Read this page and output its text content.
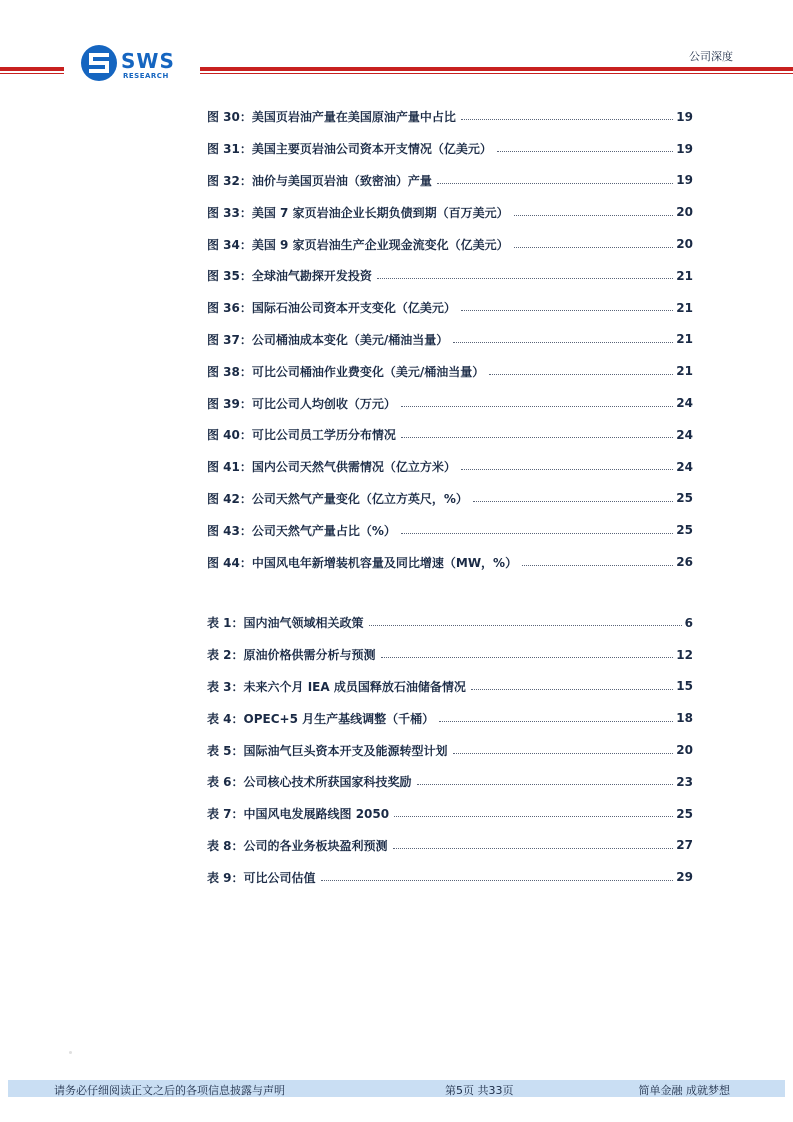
SWS
RESEARCH
公司深度
图 30：美国页岩油产量在美国原油产量中占比	19
图 31：美国主要页岩油公司资本开支情况（亿美元）	19
图 32：油价与美国页岩油（致密油）产量	19
图 33：美国 7 家页岩油企业长期负债到期（百万美元）	20
图 34：美国 9 家页岩油生产企业现金流变化（亿美元）	20
图 35：全球油气勘探开发投资	21
图 36：国际石油公司资本开支变化（亿美元）	21
图 37：公司桶油成本变化（美元/桶油当量）	21
图 38：可比公司桶油作业费变化（美元/桶油当量）	21
图 39：可比公司人均创收（万元）	24
图 40：可比公司员工学历分布情况	24
图 41：国内公司天然气供需情况（亿立方米）	24
图 42：公司天然气产量变化（亿立方英尺，%）	25
图 43：公司天然气产量占比（%）	25
图 44：中国风电年新增装机容量及同比增速（MW，%）	26
表 1：国内油气领域相关政策	6
表 2：原油价格供需分析与预测	12
表 3：未来六个月 IEA 成员国释放石油储备情况	15
表 4：OPEC+5 月生产基线调整（千桶）	18
表 5：国际油气巨头资本开支及能源转型计划	20
表 6：公司核心技术所获国家科技奖励	23
表 7：中国风电发展路线图 2050	25
表 8：公司的各业务板块盈利预测	27
表 9：可比公司估值	29
请务必仔细阅读正文之后的各项信息披露与声明	第5页 共33页	简单金融 成就梦想
